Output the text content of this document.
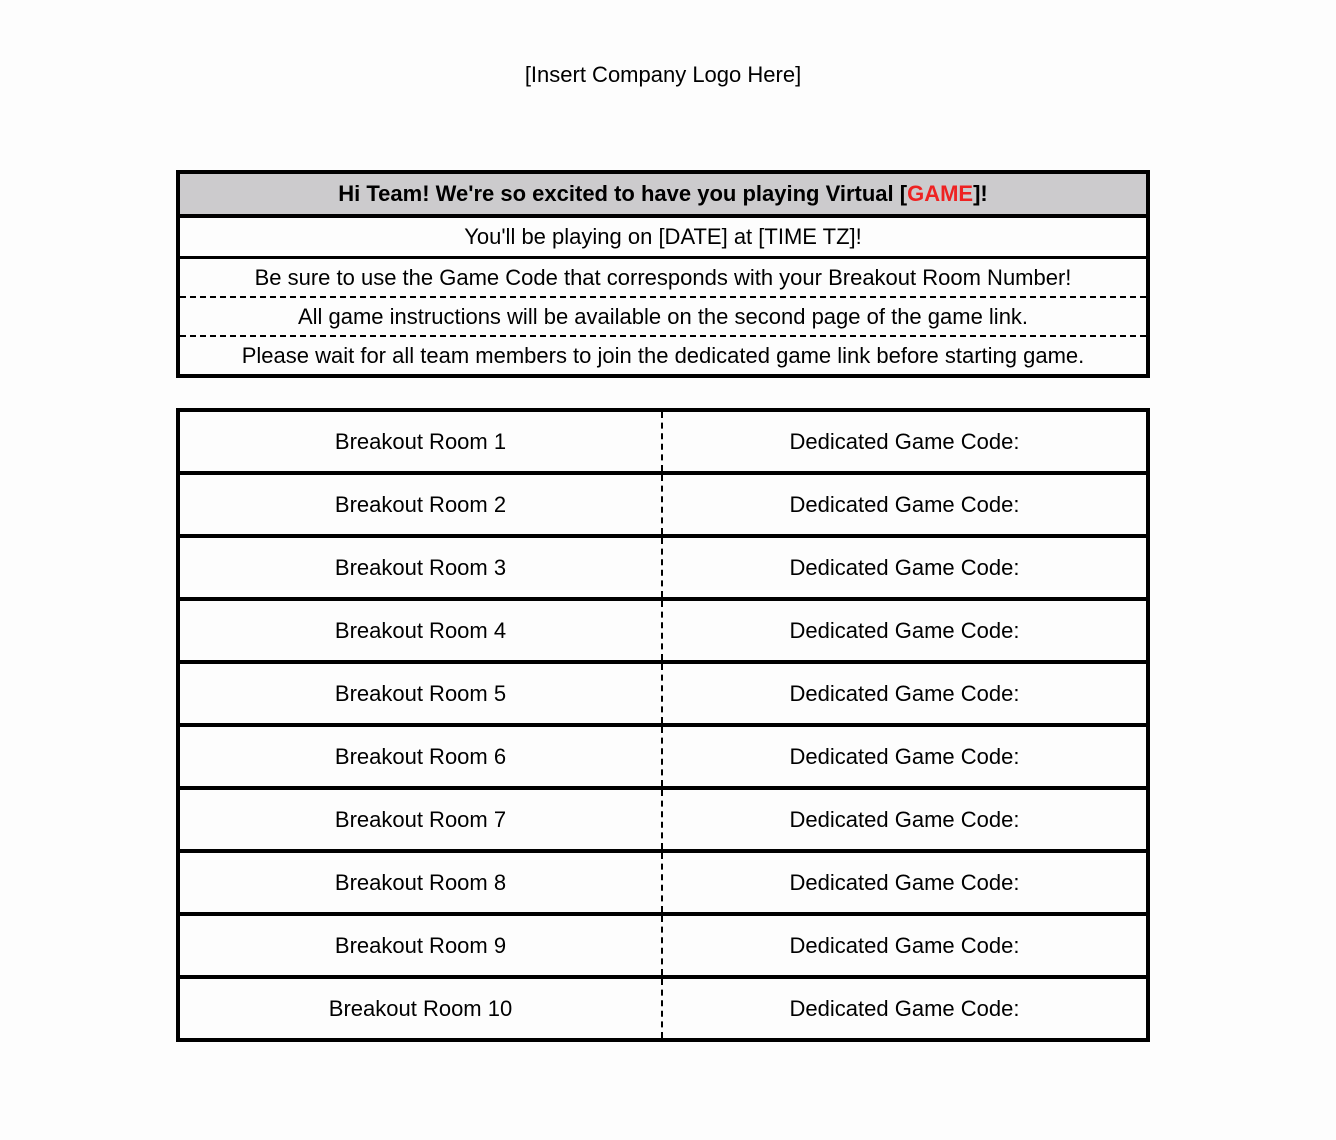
[Insert Company Logo Here]
Hi Team! We're so excited to have you playing Virtual [ GAME ]!
You'll be playing on [DATE] at [TIME TZ]!
Be sure to use the Game Code that corresponds with your Breakout Room Number!
All game instructions will be available on the second page of the game link.
Please wait for all team members to join the dedicated game link before starting game.
Breakout Room 1	Dedicated Game Code:
Breakout Room 2	Dedicated Game Code:
Breakout Room 3	Dedicated Game Code:
Breakout Room 4	Dedicated Game Code:
Breakout Room 5	Dedicated Game Code:
Breakout Room 6	Dedicated Game Code:
Breakout Room 7	Dedicated Game Code:
Breakout Room 8	Dedicated Game Code:
Breakout Room 9	Dedicated Game Code:
Breakout Room 10	Dedicated Game Code:
